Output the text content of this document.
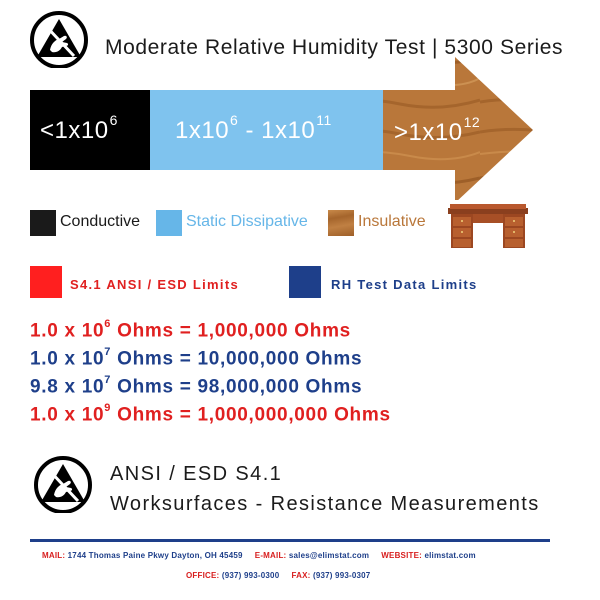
Moderate Relative Humidity Test | 5300 Series
$<1x10^6$ $1x10^6 - 1x10^{11}$	$>1x10^{12}$
Conductive	Static Dissipative	Insulative
S4.1 ANSI / ESD Limits	RH Test Data Limits
1.0 x $10^6$ Ohms = 1,000,000 Ohms
1.0 x $10^7$ Ohms = 10,000,000 Ohms
9.8 x $10^7$ Ohms = 98,000,000 Ohms
1.0 x $10^9$ Ohms = 1,000,000,000 Ohms
ANSI / ESD S4.1
Worksurfaces - Resistance Measurements
MAIL: 1744 Thomas Paine Pkwy Dayton, OH 45459 E-MAIL: sales@elimstat.com WEBSITE: elimstat.com
OFFICE: (937) 993-0300 FAX: (937) 993-0307
